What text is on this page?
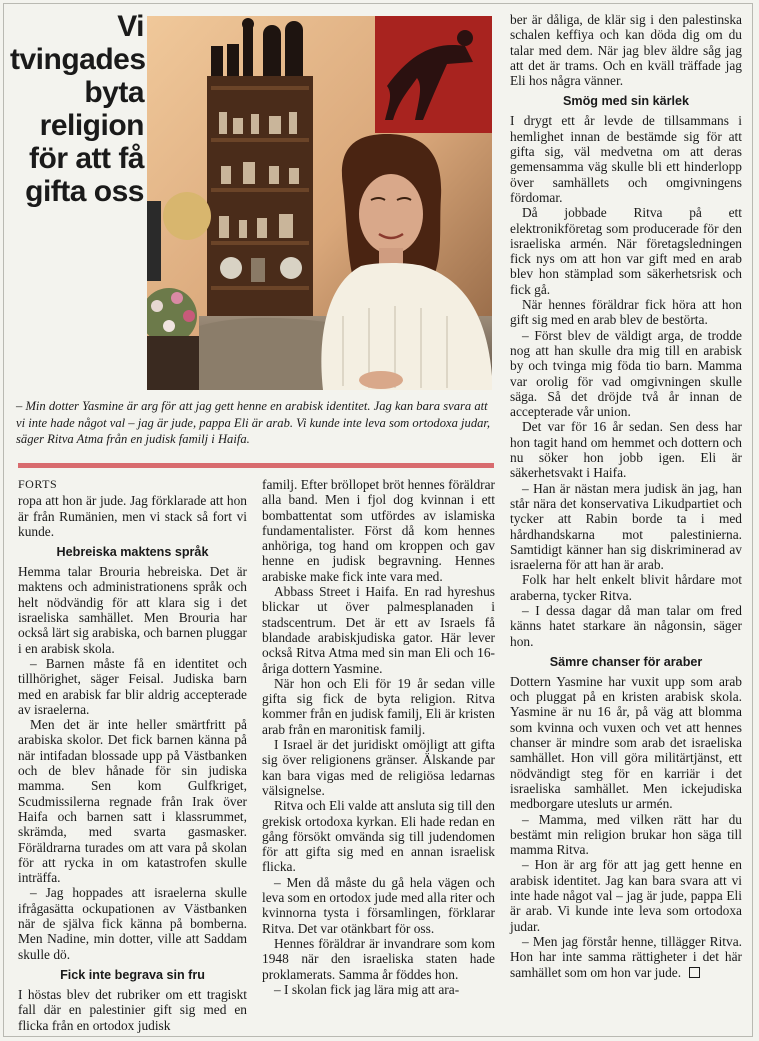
Vi
tvingades
byta
religion
för att få
gifta oss
– Min dotter Yasmine är arg för att jag gett henne en arabisk identitet. Jag kan bara svara att vi inte hade något val – jag är jude, pappa Eli är arab. Vi kunde inte leva som ortodoxa judar, säger Ritva Atma från en judisk familj i Haifa.

FORTS

ropa att hon är jude. Jag förklarade att hon är från Rumänien, men vi stack så fort vi kunde.

Hebreiska maktens språk

Hemma talar Brouria hebreiska. Det är maktens och administrationens språk och helt nödvändig för att klara sig i det israeliska samhället. Men Brouria har också lärt sig arabiska, och barnen pluggar i en arabisk skola.

– Barnen måste få en identitet och tillhörighet, säger Feisal. Judiska barn med en arabisk far blir aldrig accepterade av israelerna.

Men det är inte heller smärtfritt på arabiska skolor. Det fick barnen känna på när intifadan blossade upp på Västbanken och de blev hånade för sin judiska mamma. Sen kom Gulfkriget, Scudmissilerna regnade från Irak över Haifa och barnen satt i klassrummet, skrämda, med svarta gasmasker. Föräldrarna turades om att vara på skolan för att rycka in om katastrofen skulle inträffa.

– Jag hoppades att israelerna skulle ifrågasätta ockupationen av Västbanken när de själva fick känna på bomberna. Men Nadine, min dotter, ville att Saddam skulle dö.

Fick inte begrava sin fru

I höstas blev det rubriker om ett tragiskt fall där en palestinier gift sig med en flicka från en ortodox judisk

familj. Efter bröllopet bröt hennes föräldrar alla band. Men i fjol dog kvinnan i ett bombattentat som utfördes av islamiska fundamentalister. Först då kom hennes anhöriga, tog hand om kroppen och gav henne en judisk begravning. Hennes arabiske make fick inte vara med.

Abbass Street i Haifa. En rad hyreshus blickar ut över palmesplanaden i stadscentrum. Det är ett av Israels få blandade arabiskjudiska gator. Här lever också Ritva Atma med sin man Eli och 16-åriga dottern Yasmine.

När hon och Eli för 19 år sedan ville gifta sig fick de byta religion. Ritva kommer från en judisk familj, Eli är kristen arab från en maronitisk familj.

I Israel är det juridiskt omöjligt att gifta sig över religionens gränser. Älskande par kan bara vigas med de religiösa ledarnas välsignelse.

Ritva och Eli valde att ansluta sig till den grekisk ortodoxa kyrkan. Eli hade redan en gång försökt omvända sig till judendomen för att gifta sig med en annan israelisk flicka.

– Men då måste du gå hela vägen och leva som en ortodox jude med alla riter och kvinnorna tysta i församlingen, förklarar Ritva. Det var otänkbart för oss.

Hennes föräldrar är invandrare som kom 1948 när den israeliska staten hade proklamerats. Samma år föddes hon.

– I skolan fick jag lära mig att ara-

ber är dåliga, de klär sig i den palestinska schalen keffiya och kan döda dig om du talar med dem. När jag blev äldre såg jag att det är trams. Och en kväll träffade jag Eli hos några vänner.

Smög med sin kärlek

I drygt ett år levde de tillsammans i hemlighet innan de bestämde sig för att gifta sig, väl medvetna om att deras gemensamma väg skulle bli ett hinderlopp över samhällets och omgivningens fördomar.

Då jobbade Ritva på ett elektronikföretag som producerade för den israeliska armén. När företagsledningen fick nys om att hon var gift med en arab blev hon stämplad som säkerhetsrisk och fick gå.

När hennes föräldrar fick höra att hon gift sig med en arab blev de bestörta.

– Först blev de väldigt arga, de trodde nog att han skulle dra mig till en arabisk by och tvinga mig föda tio barn. Mamma var orolig för vad omgivningen skulle säga. Så det dröjde två år innan de accepterade vår union.

Det var för 16 år sedan. Sen dess har hon tagit hand om hemmet och dottern och nu söker hon jobb igen. Eli är säkerhetsvakt i Haifa.

– Han är nästan mera judisk än jag, han står nära det konservativa Likudpartiet och tycker att Rabin borde ta i med hårdhandskarna mot palestinierna. Samtidigt känner han sig diskriminerad av israelerna för att han är arab.

Folk har helt enkelt blivit hårdare mot araberna, tycker Ritva.

– I dessa dagar då man talar om fred känns hatet starkare än någonsin, säger hon.

Sämre chanser för araber

Dottern Yasmine har vuxit upp som arab och pluggat på en kristen arabisk skola. Yasmine är nu 16 år, på väg att blomma som kvinna och vuxen och vet att hennes chanser är mindre som arab det israeliska samhället. Hon vill göra militärtjänst, ett nödvändigt steg för en karriär i det israeliska samhället. Men ickejudiska medborgare utesluts ur armén.

– Mamma, med vilken rätt har du bestämt min religion brukar hon säga till mamma Ritva.

– Hon är arg för att jag gett henne en arabisk identitet. Jag kan bara svara att vi inte hade något val – jag är jude, pappa Eli är arab. Vi kunde inte leva som ortodoxa judar.

– Men jag förstår henne, tillägger Ritva. Hon har inte samma rättigheter i det här samhället som om hon var jude.
